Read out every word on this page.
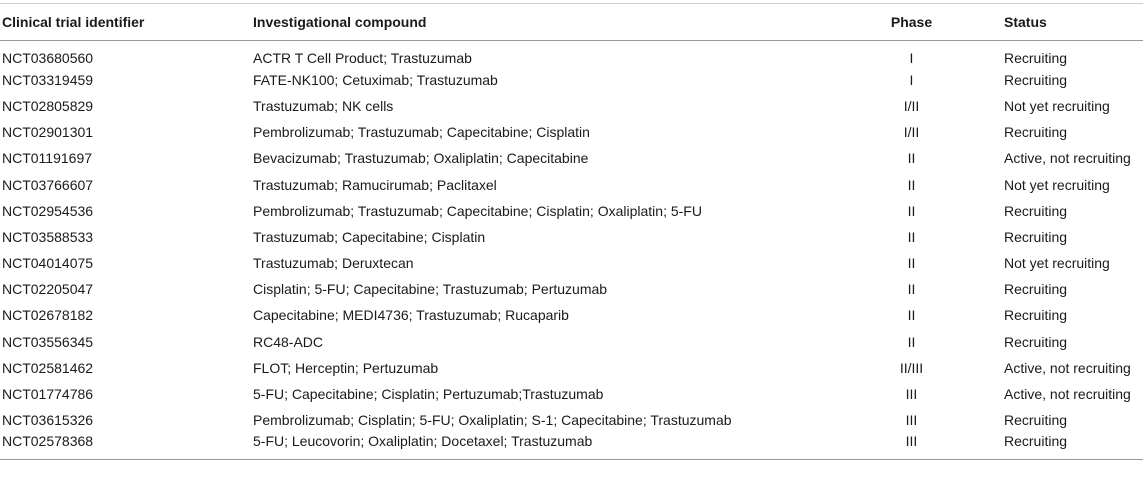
Clinical trial identifier	Investigational compound	Phase	Status
NCT03680560	ACTR T Cell Product; Trastuzumab	I	Recruiting
NCT03319459	FATE-NK100; Cetuximab; Trastuzumab	I	Recruiting
NCT02805829	Trastuzumab; NK cells	I/II	Not yet recruiting
NCT02901301	Pembrolizumab; Trastuzumab; Capecitabine; Cisplatin	I/II	Recruiting
NCT01191697	Bevacizumab; Trastuzumab; Oxaliplatin; Capecitabine	II	Active, not recruiting
NCT03766607	Trastuzumab; Ramucirumab; Paclitaxel	II	Not yet recruiting
NCT02954536	Pembrolizumab; Trastuzumab; Capecitabine; Cisplatin; Oxaliplatin; 5-FU	II	Recruiting
NCT03588533	Trastuzumab; Capecitabine; Cisplatin	II	Recruiting
NCT04014075	Trastuzumab; Deruxtecan	II	Not yet recruiting
NCT02205047	Cisplatin; 5-FU; Capecitabine; Trastuzumab; Pertuzumab	II	Recruiting
NCT02678182	Capecitabine; MEDI4736; Trastuzumab; Rucaparib	II	Recruiting
NCT03556345	RC48-ADC	II	Recruiting
NCT02581462	FLOT; Herceptin; Pertuzumab	II/III	Active, not recruiting
NCT01774786	5-FU; Capecitabine; Cisplatin; Pertuzumab;Trastuzumab	III	Active, not recruiting
NCT03615326	Pembrolizumab; Cisplatin; 5-FU; Oxaliplatin; S-1; Capecitabine; Trastuzumab	III	Recruiting
NCT02578368	5-FU; Leucovorin; Oxaliplatin; Docetaxel; Trastuzumab	III	Recruiting
